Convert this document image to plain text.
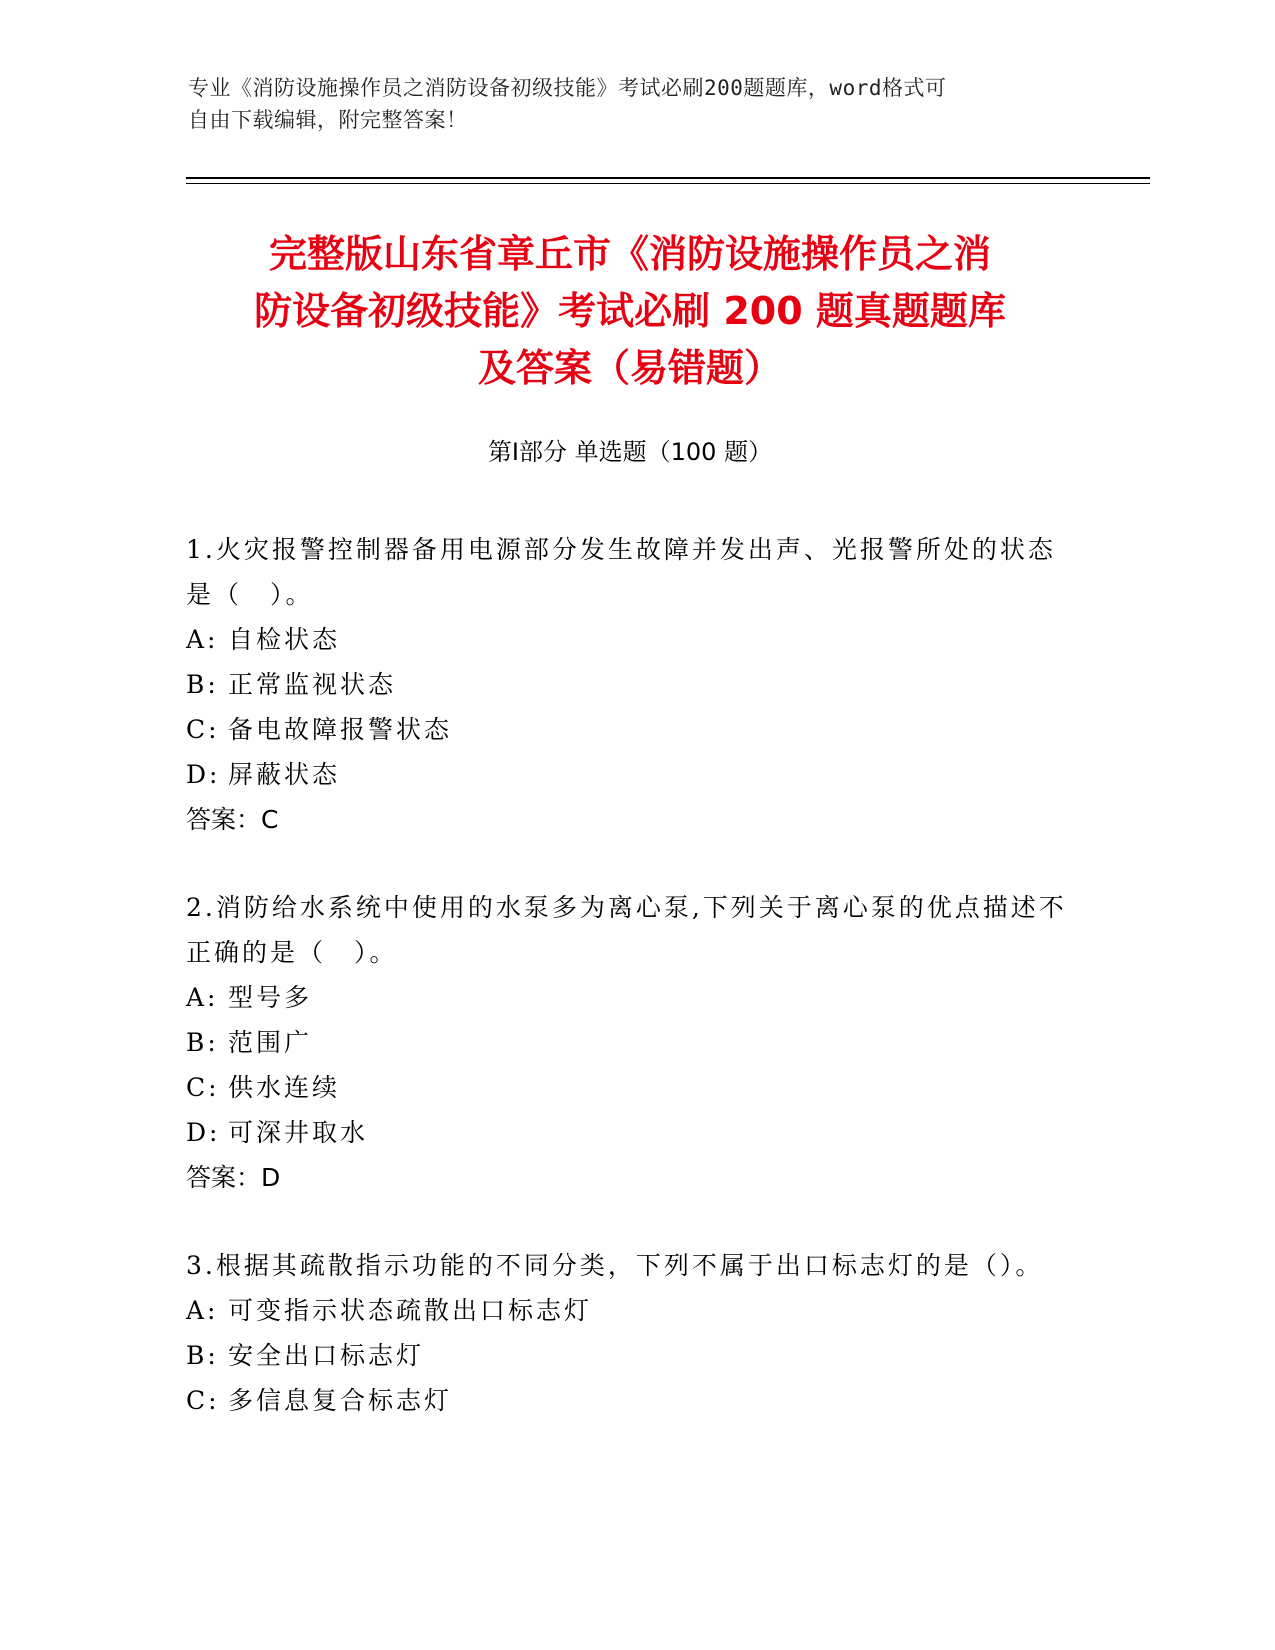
专业《消防设施操作员之消防设备初级技能》考试必刷200题题库，word格式可
自由下载编辑，附完整答案！
完整版山东省章丘市《消防设施操作员之消
防设备初级技能》考试必刷 200 题真题题库
及答案（易错题）
第Ⅰ部分 单选题（100 题）

1.火灾报警控制器备用电源部分发生故障并发出声、光报警所处的状态是（　）。

A: 自检状态

B: 正常监视状态

C: 备电故障报警状态

D: 屏蔽状态

答案：C

2.消防给水系统中使用的水泵多为离心泵,下列关于离心泵的优点描述不正确的是（　）。

A: 型号多

B: 范围广

C: 供水连续

D: 可深井取水

答案：D

3.根据其疏散指示功能的不同分类，下列不属于出口标志灯的是（）。

A: 可变指示状态疏散出口标志灯

B: 安全出口标志灯

C: 多信息复合标志灯
